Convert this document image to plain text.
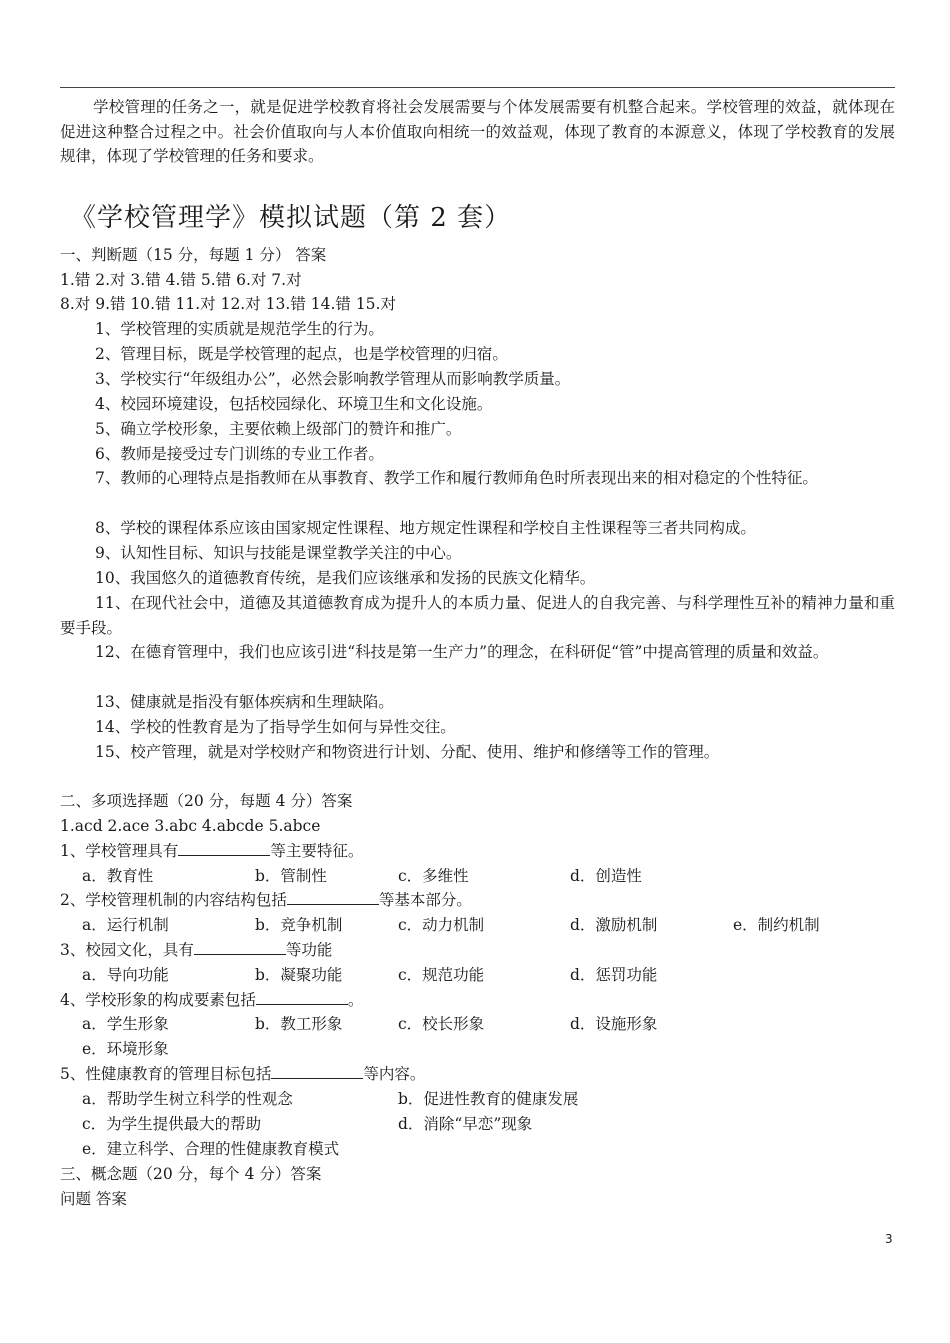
学校管理的任务之一，就是促进学校教育将社会发展需要与个体发展需要有机整合起来。学校管理的效益，就体现在促进这种整合过程之中。社会价值取向与人本价值取向相统一的效益观，体现了教育的本源意义，体现了学校教育的发展规律，体现了学校管理的任务和要求。
《学校管理学》模拟试题（第 2 套）
一、判断题（15 分，每题 1 分） 答案
1.错 2.对 3.错 4.错 5.错 6.对 7.对
8.对 9.错 10.错 11.对 12.对 13.错 14.错 15.对
1、学校管理的实质就是规范学生的行为。
2、管理目标，既是学校管理的起点，也是学校管理的归宿。
3、学校实行“年级组办公”，必然会影响教学管理从而影响教学质量。
4、校园环境建设，包括校园绿化、环境卫生和文化设施。
5、确立学校形象，主要依赖上级部门的赞许和推广。
6、教师是接受过专门训练的专业工作者。
7、教师的心理特点是指教师在从事教育、教学工作和履行教师角色时所表现出来的相对稳定的个性特征。
8、学校的课程体系应该由国家规定性课程、地方规定性课程和学校自主性课程等三者共同构成。
9、认知性目标、知识与技能是课堂教学关注的中心。
10、我国悠久的道德教育传统，是我们应该继承和发扬的民族文化精华。
11、在现代社会中，道德及其道德教育成为提升人的本质力量、促进人的自我完善、与科学理性互补的精神力量和重要手段。
12、在德育管理中，我们也应该引进“科技是第一生产力”的理念，在科研促“管”中提高管理的质量和效益。
13、健康就是指没有躯体疾病和生理缺陷。
14、学校的性教育是为了指导学生如何与异性交往。
15、校产管理，就是对学校财产和物资进行计划、分配、使用、维护和修缮等工作的管理。
二、多项选择题（20 分，每题 4 分）答案
1.acd 2.ace 3.abc 4.abcde 5.abce
1、学校管理具有	等主要特征。
a．教育性	b．管制性	c．多维性	d．创造性
2、学校管理机制的内容结构包括	等基本部分。
a．运行机制	b．竞争机制	c．动力机制	d．激励机制	e．制约机制
3、校园文化，具有	等功能
a．导向功能	b．凝聚功能	c．规范功能	d．惩罚功能
4、学校形象的构成要素包括	。
a．学生形象	b．教工形象	c．校长形象	d．设施形象
e．环境形象
5、性健康教育的管理目标包括	等内容。
a．帮助学生树立科学的性观念	b．促进性教育的健康发展
c．为学生提供最大的帮助	d．消除“早恋”现象
e．建立科学、合理的性健康教育模式
三、概念题（20 分，每个 4 分）答案
问题 答案
3
